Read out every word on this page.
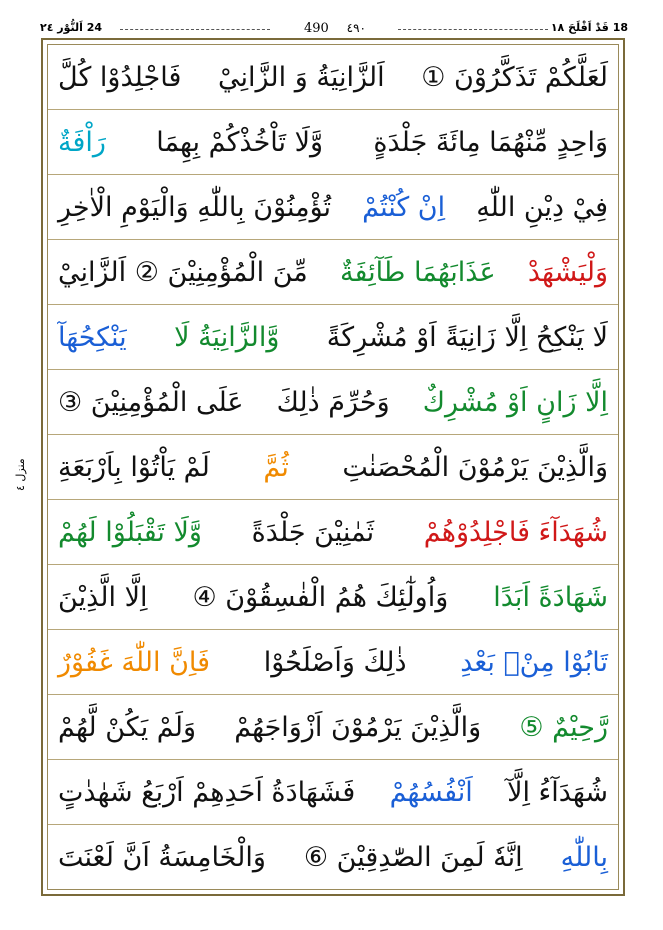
18 قَدْ اَفْلَحَ ١٨
٤٩٠
490
24 اَلنُّوْر ٢٤
منزل ٤
لَعَلَّكُمْ تَذَكَّرُوْنَ ①
اَلزَّانِيَةُ وَ الزَّانِيْ
فَاجْلِدُوْا كُلَّ
وَاحِدٍ مِّنْهُمَا مِائَةَ جَلْدَةٍ
وَّلَا تَاْخُذْكُمْ بِهِمَا
رَاْفَةٌ
فِيْ دِيْنِ اللّٰهِ
اِنْ كُنْتُمْ
تُؤْمِنُوْنَ بِاللّٰهِ وَالْيَوْمِ الْاٰخِرِ
وَلْيَشْهَدْ
عَذَابَهُمَا طَآئِفَةٌ
مِّنَ الْمُؤْمِنِيْنَ ② اَلزَّانِيْ
لَا يَنْكِحُ اِلَّا زَانِيَةً اَوْ مُشْرِكَةً
وَّالزَّانِيَةُ لَا
يَنْكِحُهَآ
اِلَّا زَانٍ اَوْ مُشْرِكٌ
وَحُرِّمَ ذٰلِكَ
عَلَى الْمُؤْمِنِيْنَ ③
وَالَّذِيْنَ يَرْمُوْنَ الْمُحْصَنٰتِ
ثُمَّ
لَمْ يَاْتُوْا بِاَرْبَعَةِ
شُهَدَآءَ فَاجْلِدُوْهُمْ
ثَمٰنِيْنَ جَلْدَةً
وَّلَا تَقْبَلُوْا لَهُمْ
شَهَادَةً اَبَدًا
وَاُولٰٓئِكَ هُمُ الْفٰسِقُوْنَ ④
اِلَّا الَّذِيْنَ
تَابُوْا مِنْۢ بَعْدِ
ذٰلِكَ وَاَصْلَحُوْا
فَاِنَّ اللّٰهَ غَفُوْرٌ
رَّحِيْمٌ ⑤
وَالَّذِيْنَ يَرْمُوْنَ اَزْوَاجَهُمْ
وَلَمْ يَكُنْ لَّهُمْ
شُهَدَآءُ اِلَّآ
اَنْفُسُهُمْ
فَشَهَادَةُ اَحَدِهِمْ اَرْبَعُ شَهٰدٰتٍ
بِاللّٰهِ
اِنَّهٗ لَمِنَ الصّٰدِقِيْنَ ⑥
وَالْخَامِسَةُ اَنَّ لَعْنَتَ
